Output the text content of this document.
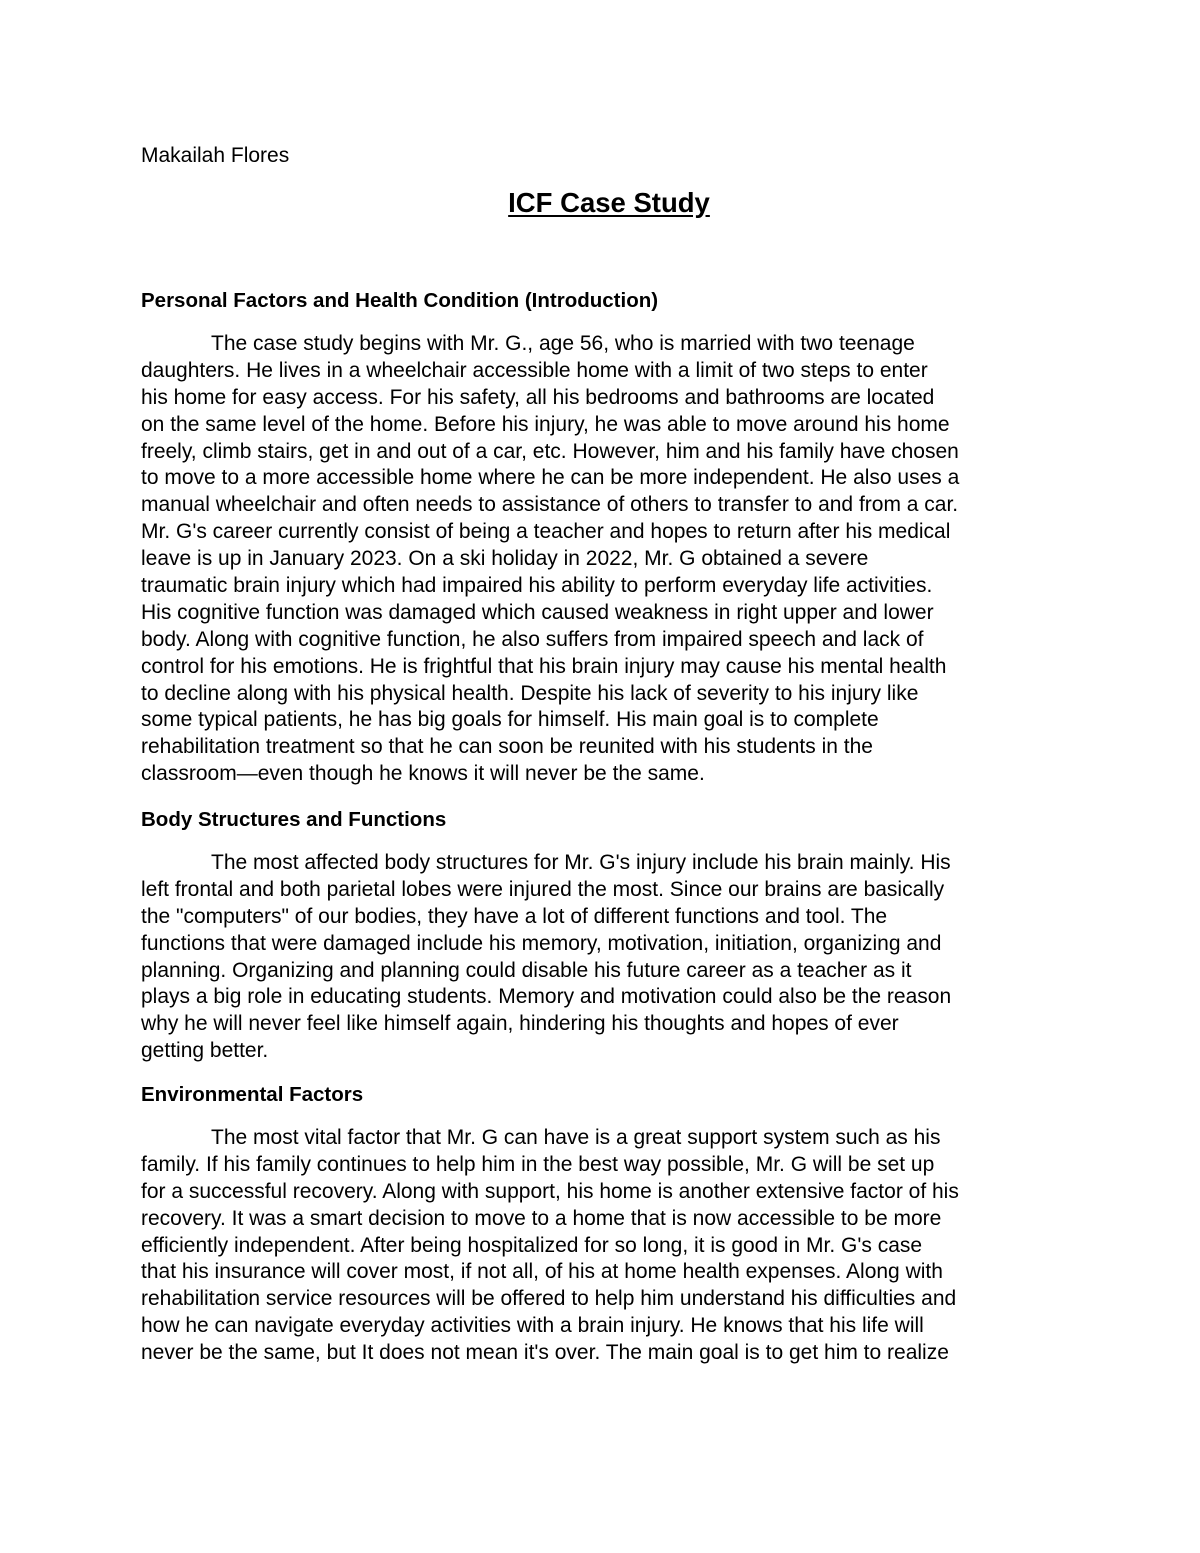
Makailah Flores
ICF Case Study
Personal Factors and Health Condition (Introduction)
The case study begins with Mr. G., age 56, who is married with two teenage
daughters. He lives in a wheelchair accessible home with a limit of two steps to enter
his home for easy access. For his safety, all his bedrooms and bathrooms are located
on the same level of the home. Before his injury, he was able to move around his home
freely, climb stairs, get in and out of a car, etc. However, him and his family have chosen
to move to a more accessible home where he can be more independent. He also uses a
manual wheelchair and often needs to assistance of others to transfer to and from a car.
Mr. G's career currently consist of being a teacher and hopes to return after his medical
leave is up in January 2023. On a ski holiday in 2022, Mr. G obtained a severe
traumatic brain injury which had impaired his ability to perform everyday life activities.
His cognitive function was damaged which caused weakness in right upper and lower
body. Along with cognitive function, he also suffers from impaired speech and lack of
control for his emotions. He is frightful that his brain injury may cause his mental health
to decline along with his physical health. Despite his lack of severity to his injury like
some typical patients, he has big goals for himself. His main goal is to complete
rehabilitation treatment so that he can soon be reunited with his students in the
classroom—even though he knows it will never be the same.
Body Structures and Functions
The most affected body structures for Mr. G's injury include his brain mainly. His
left frontal and both parietal lobes were injured the most. Since our brains are basically
the "computers" of our bodies, they have a lot of different functions and tool. The
functions that were damaged include his memory, motivation, initiation, organizing and
planning. Organizing and planning could disable his future career as a teacher as it
plays a big role in educating students. Memory and motivation could also be the reason
why he will never feel like himself again, hindering his thoughts and hopes of ever
getting better.
Environmental Factors
The most vital factor that Mr. G can have is a great support system such as his
family. If his family continues to help him in the best way possible, Mr. G will be set up
for a successful recovery. Along with support, his home is another extensive factor of his
recovery. It was a smart decision to move to a home that is now accessible to be more
efficiently independent. After being hospitalized for so long, it is good in Mr. G's case
that his insurance will cover most, if not all, of his at home health expenses. Along with
rehabilitation service resources will be offered to help him understand his difficulties and
how he can navigate everyday activities with a brain injury. He knows that his life will
never be the same, but It does not mean it's over. The main goal is to get him to realize
